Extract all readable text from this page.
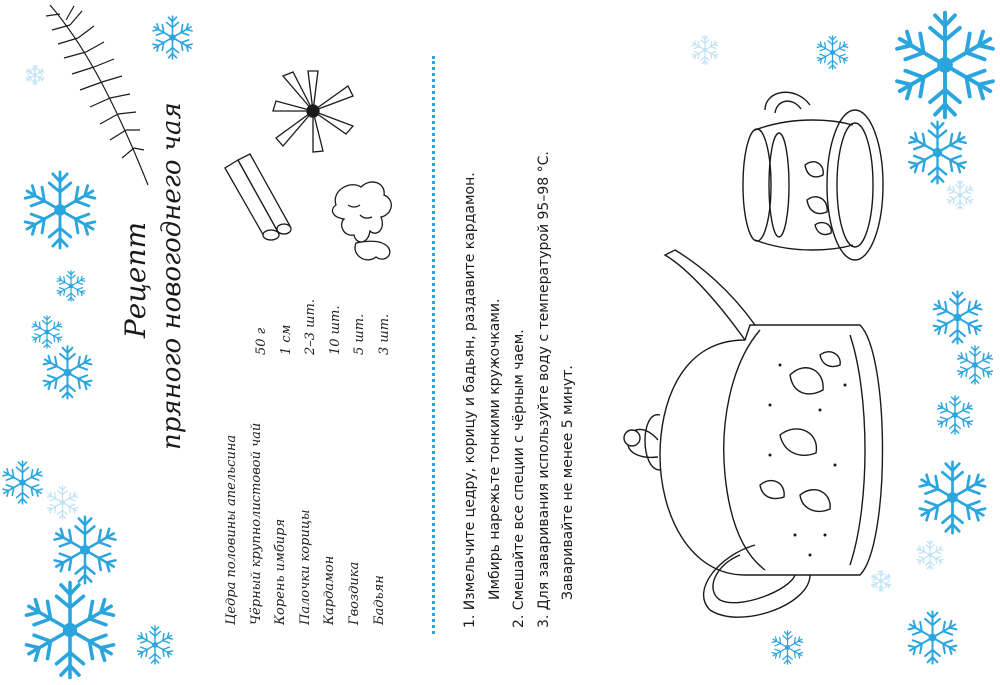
Рецепт пряного новогоднего чая
Цедра половины апельсина Чёрный крупнолистовой чай Корень имбиря Палочки корицы Кардамон Гвоздика Бадьян
50 г 1 см 2–3 шт. 10 шт. 5 шт. 3 шт.	1. Измельчите цедру, корицу и бадьян, раздавите кардамон. Имбирь нарежьте тонкими кружочками. 2. Смешайте все специи с чёрным чаем. 3. Для заваривания используйте воду с температурой 95–98 °С. Заваривайте не менее 5 минут.
